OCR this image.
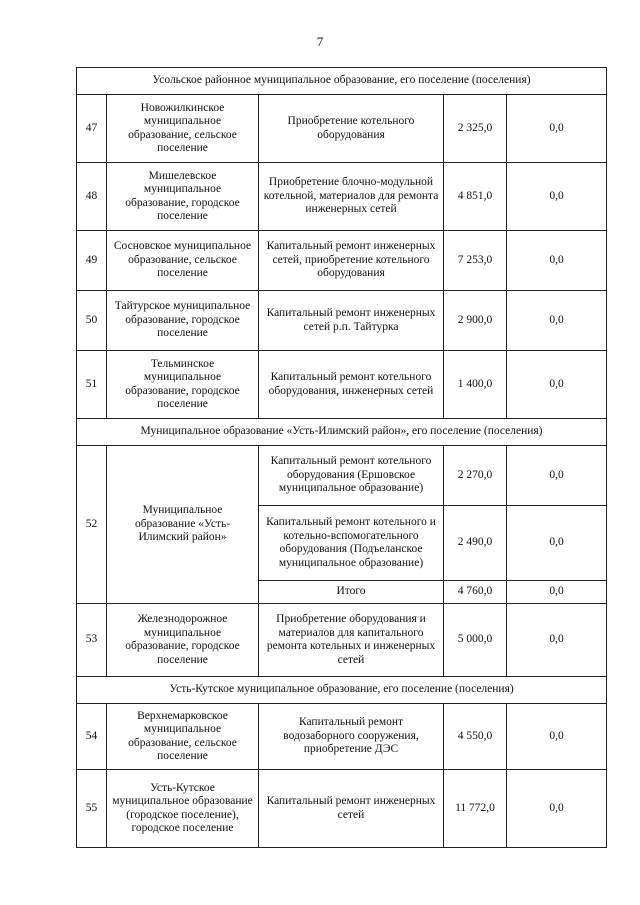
7
Усольское районное муниципальное образование, его поселение (поселения)				
47	Новожилкинское муниципальное образование, сельское поселение	Приобретение котельного оборудования	2 325,0	0,0
48	Мишелевское муниципальное образование, городское поселение	Приобретение блочно-модульной котельной, материалов для ремонта инженерных сетей	4 851,0	0,0
49	Сосновское муниципальное образование, сельское поселение	Капитальный ремонт инженерных сетей, приобретение котельного оборудования	7 253,0	0,0
50	Тайтурское муниципальное образование, городское поселение	Капитальный ремонт инженерных сетей р.п. Тайтурка	2 900,0	0,0
51	Тельминское муниципальное образование, городское поселение	Капитальный ремонт котельного оборудования, инженерных сетей	1 400,0	0,0
Муниципальное образование «Усть-Илимский район», его поселение (поселения)				
52	Муниципальное образование «Усть-Илимский район»	Капитальный ремонт котельного оборудования (Ершовское муниципальное образование)	2 270,0	0,0
		Капитальный ремонт котельного и котельно-вспомогательного оборудования (Подъеланское муниципальное образование)	2 490,0	0,0
		Итого	4 760,0	0,0
53	Железнодорожное муниципальное образование, городское поселение	Приобретение оборудования и материалов для капитального ремонта котельных и инженерных сетей	5 000,0	0,0
Усть-Кутское муниципальное образование, его поселение (поселения)				
54	Верхнемарковское муниципальное образование, сельское поселение	Капитальный ремонт водозаборного сооружения, приобретение ДЭС	4 550,0	0,0
55	Усть-Кутское муниципальное образование (городское поселение), городское поселение	Капитальный ремонт инженерных сетей	11 772,0	0,0
